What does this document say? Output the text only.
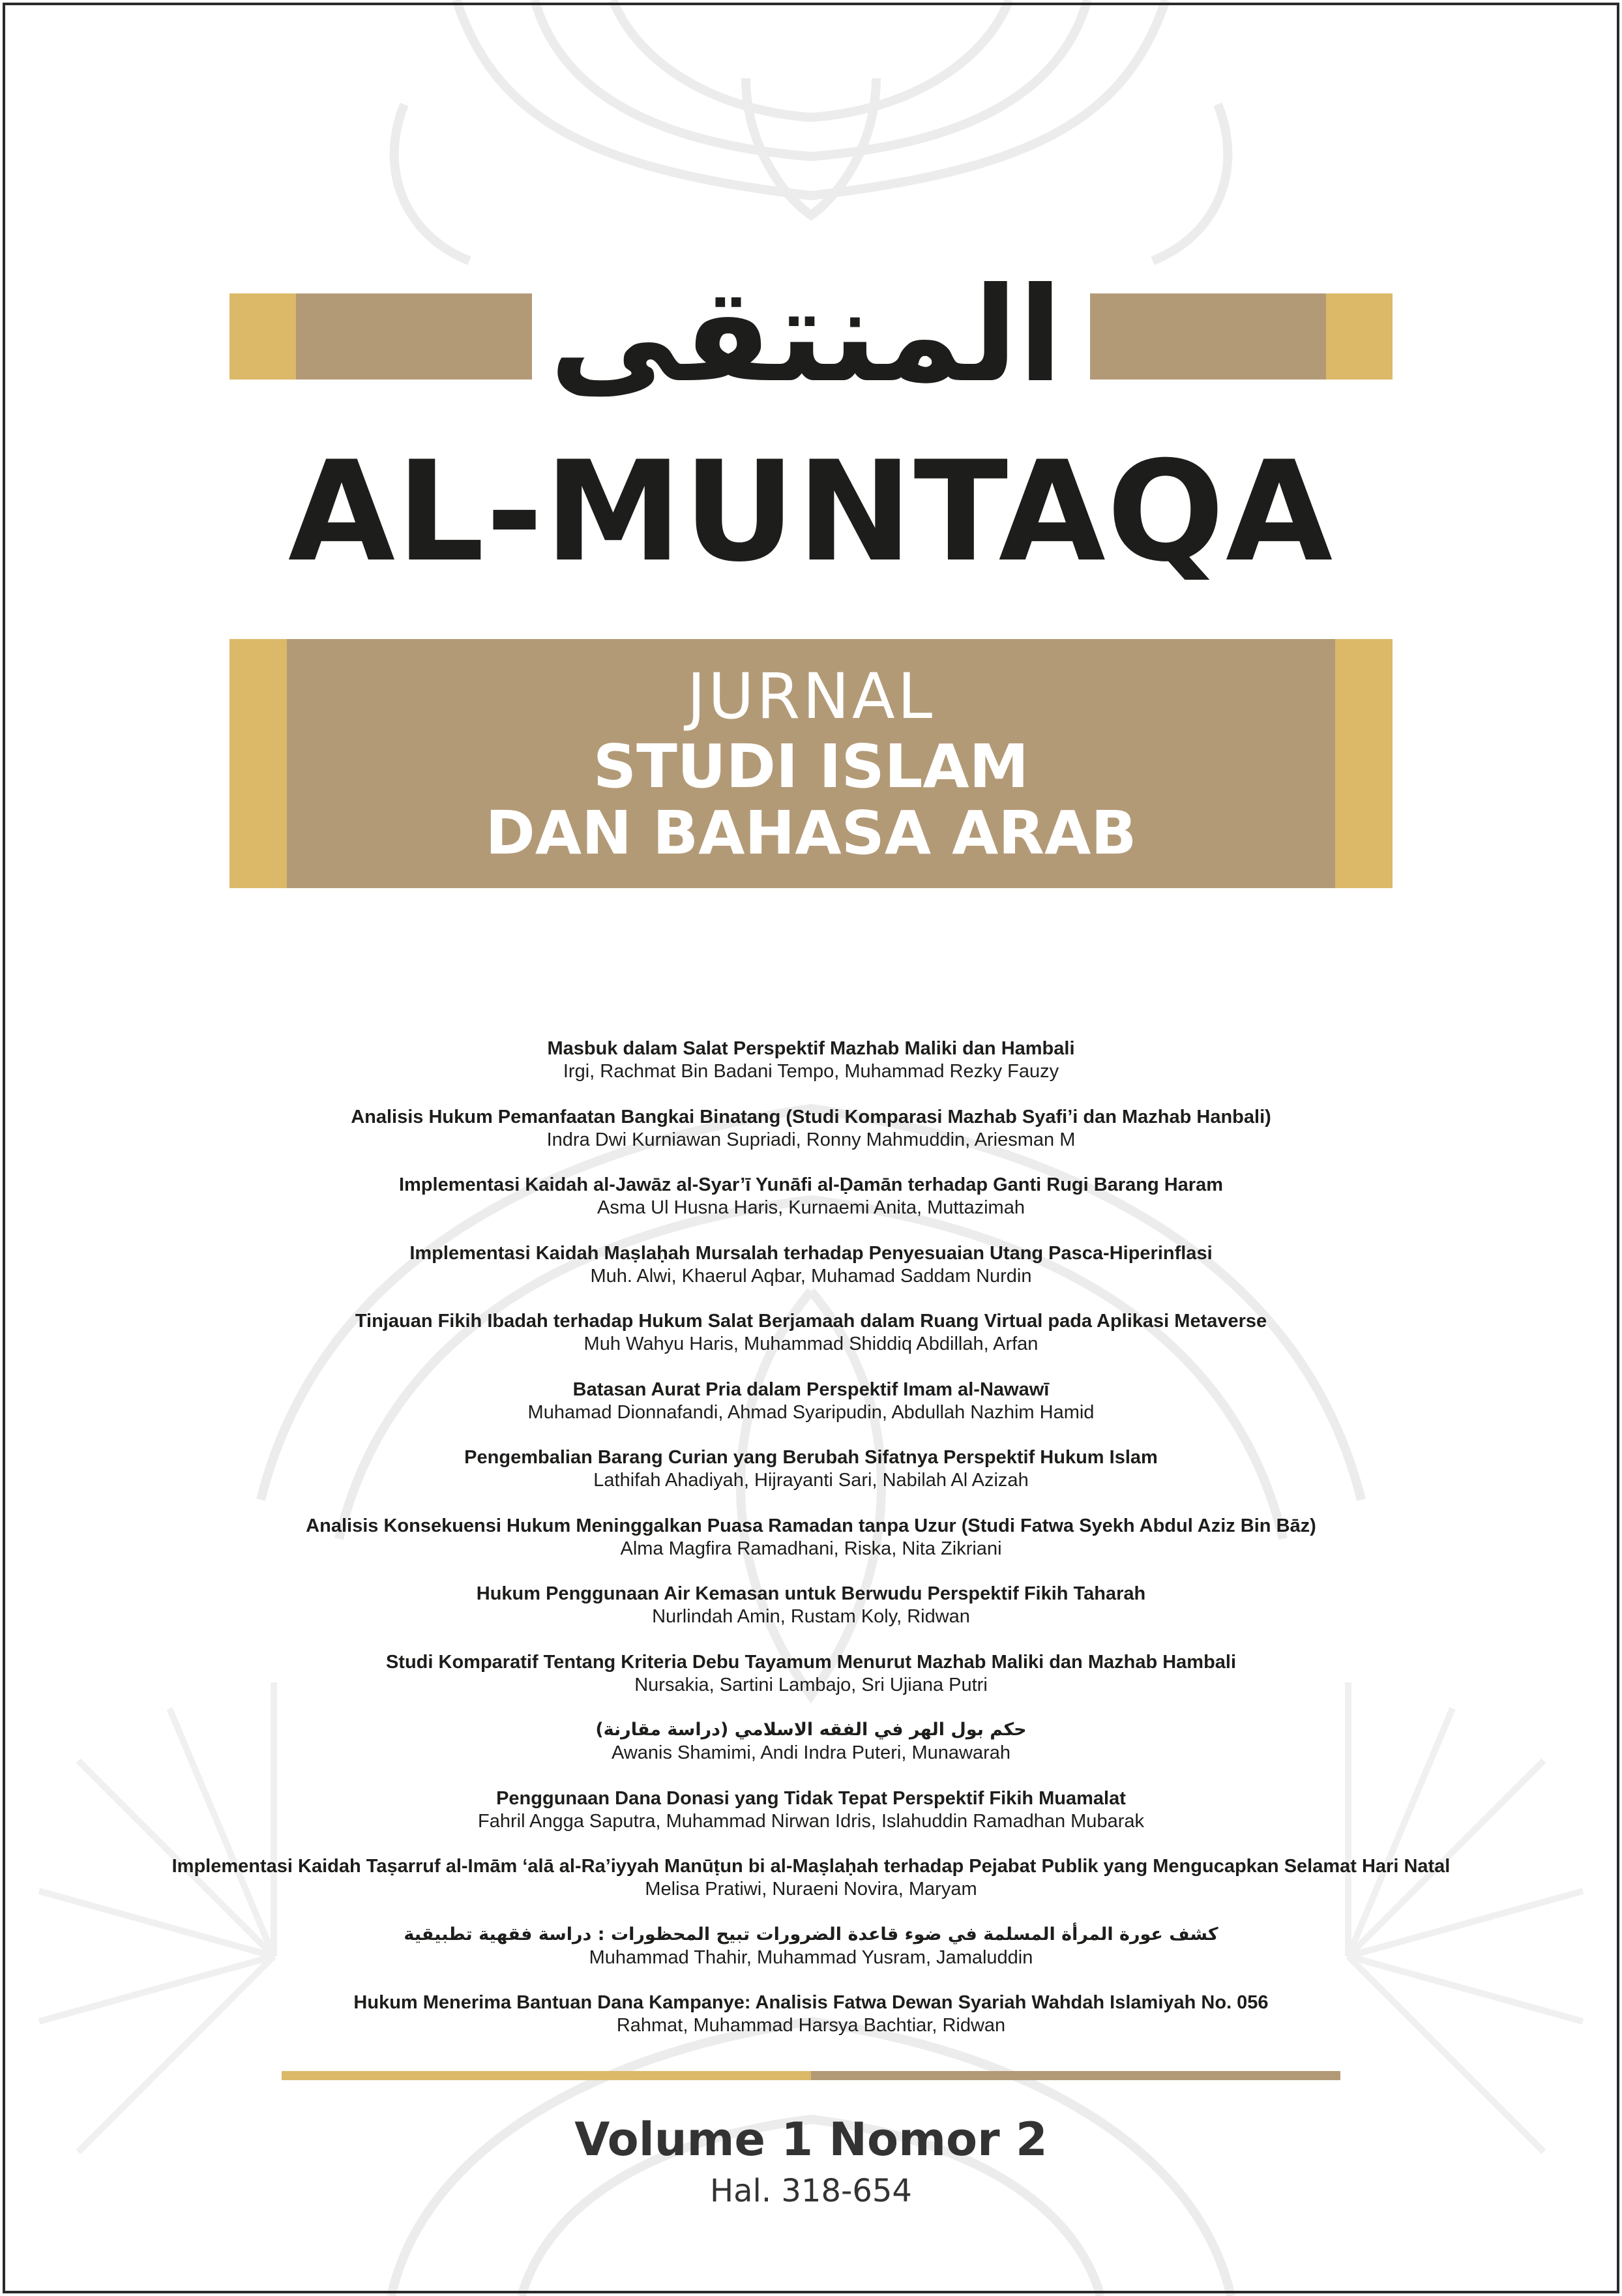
المنتقى
AL-MUNTAQA
JURNAL
STUDI ISLAM
DAN BAHASA ARAB
Masbuk dalam Salat Perspektif Mazhab Maliki dan Hambali
Irgi, Rachmat Bin Badani Tempo, Muhammad Rezky Fauzy
Analisis Hukum Pemanfaatan Bangkai Binatang (Studi Komparasi Mazhab Syafi’i dan Mazhab Hanbali)
Indra Dwi Kurniawan Supriadi, Ronny Mahmuddin, Ariesman M
Implementasi Kaidah al-Jawāz al-Syar’ī Yunāfi al-Ḍamān terhadap Ganti Rugi Barang Haram
Asma Ul Husna Haris, Kurnaemi Anita, Muttazimah
Implementasi Kaidah Maṣlaḥah Mursalah terhadap Penyesuaian Utang Pasca-Hiperinflasi
Muh. Alwi, Khaerul Aqbar, Muhamad Saddam Nurdin
Tinjauan Fikih Ibadah terhadap Hukum Salat Berjamaah dalam Ruang Virtual pada Aplikasi Metaverse
Muh Wahyu Haris, Muhammad Shiddiq Abdillah, Arfan
Batasan Aurat Pria dalam Perspektif Imam al-Nawawī
Muhamad Dionnafandi, Ahmad Syaripudin, Abdullah Nazhim Hamid
Pengembalian Barang Curian yang Berubah Sifatnya Perspektif Hukum Islam
Lathifah Ahadiyah, Hijrayanti Sari, Nabilah Al Azizah
Analisis Konsekuensi Hukum Meninggalkan Puasa Ramadan tanpa Uzur (Studi Fatwa Syekh Abdul Aziz Bin Bāz)
Alma Magfira Ramadhani, Riska, Nita Zikriani
Hukum Penggunaan Air Kemasan untuk Berwudu Perspektif Fikih Taharah
Nurlindah Amin, Rustam Koly, Ridwan
Studi Komparatif Tentang Kriteria Debu Tayamum Menurut Mazhab Maliki dan Mazhab Hambali
Nursakia, Sartini Lambajo, Sri Ujiana Putri
حكم بول الهر في الفقه الاسلامي (دراسة مقارنة)
Awanis Shamimi, Andi Indra Puteri, Munawarah
Penggunaan Dana Donasi yang Tidak Tepat Perspektif Fikih Muamalat
Fahril Angga Saputra, Muhammad Nirwan Idris, Islahuddin Ramadhan Mubarak
Implementasi Kaidah Taṣarruf al-Imām ‘alā al-Ra’iyyah Manūṭun bi al-Maṣlaḥah terhadap Pejabat Publik yang Mengucapkan Selamat Hari Natal
Melisa Pratiwi, Nuraeni Novira, Maryam
كشف عورة المرأة المسلمة في ضوء قاعدة الضرورات تبيح المحظورات : دراسة فقهية تطبيقية
Muhammad Thahir, Muhammad Yusram, Jamaluddin
Hukum Menerima Bantuan Dana Kampanye: Analisis Fatwa Dewan Syariah Wahdah Islamiyah No. 056
Rahmat, Muhammad Harsya Bachtiar, Ridwan
Volume 1 Nomor 2
Hal. 318-654
